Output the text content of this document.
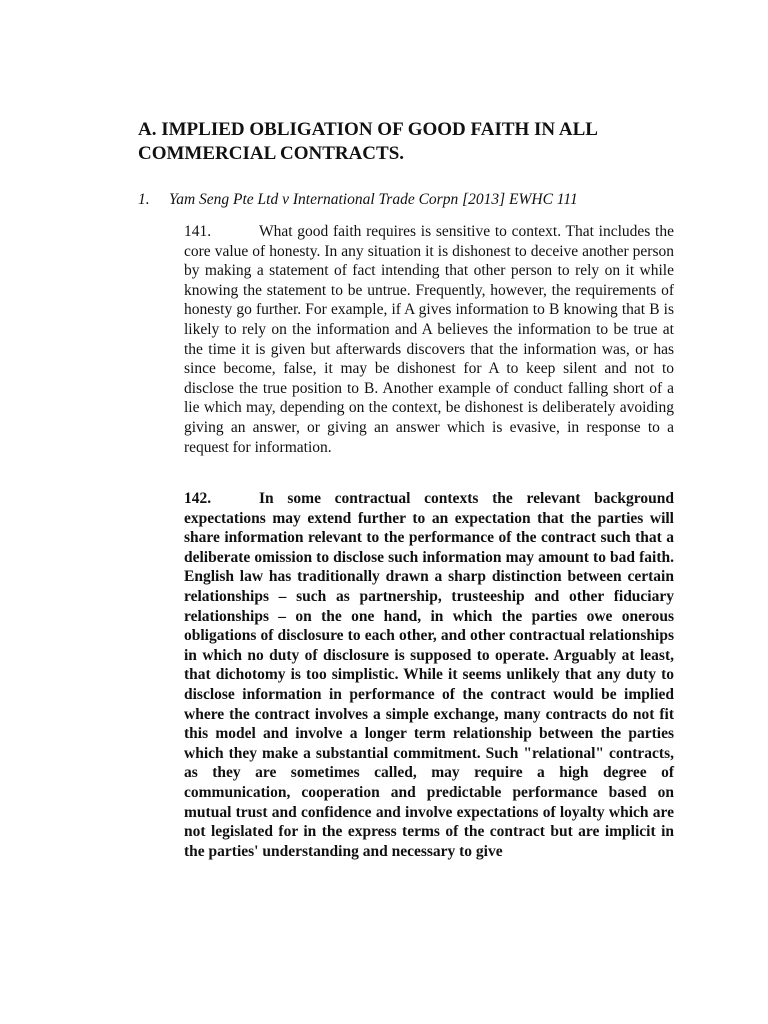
A. IMPLIED OBLIGATION OF GOOD FAITH IN ALL COMMERCIAL CONTRACTS.

1. Yam Seng Pte Ltd v International Trade Corpn [2013] EWHC 111

141.	What good faith requires is sensitive to context. That includes the core value of honesty. In any situation it is dishonest to deceive another person by making a statement of fact intending that other person to rely on it while knowing the statement to be untrue. Frequently, however, the requirements of honesty go further. For example, if A gives information to B knowing that B is likely to rely on the information and A believes the information to be true at the time it is given but afterwards discovers that the information was, or has since become, false, it may be dishonest for A to keep silent and not to disclose the true position to B. Another example of conduct falling short of a lie which may, depending on the context, be dishonest is deliberately avoiding giving an answer, or giving an answer which is evasive, in response to a request for information.

142.	In some contractual contexts the relevant background expectations may extend further to an expectation that the parties will share information relevant to the performance of the contract such that a deliberate omission to disclose such information may amount to bad faith. English law has traditionally drawn a sharp distinction between certain relationships – such as partnership, trusteeship and other fiduciary relationships – on the one hand, in which the parties owe onerous obligations of disclosure to each other, and other contractual relationships in which no duty of disclosure is supposed to operate. Arguably at least, that dichotomy is too simplistic. While it seems unlikely that any duty to disclose information in performance of the contract would be implied where the contract involves a simple exchange, many contracts do not fit this model and involve a longer term relationship between the parties which they make a substantial commitment. Such "relational" contracts, as they are sometimes called, may require a high degree of communication, cooperation and predictable performance based on mutual trust and confidence and involve expectations of loyalty which are not legislated for in the express terms of the contract but are implicit in the parties' understanding and necessary to give
